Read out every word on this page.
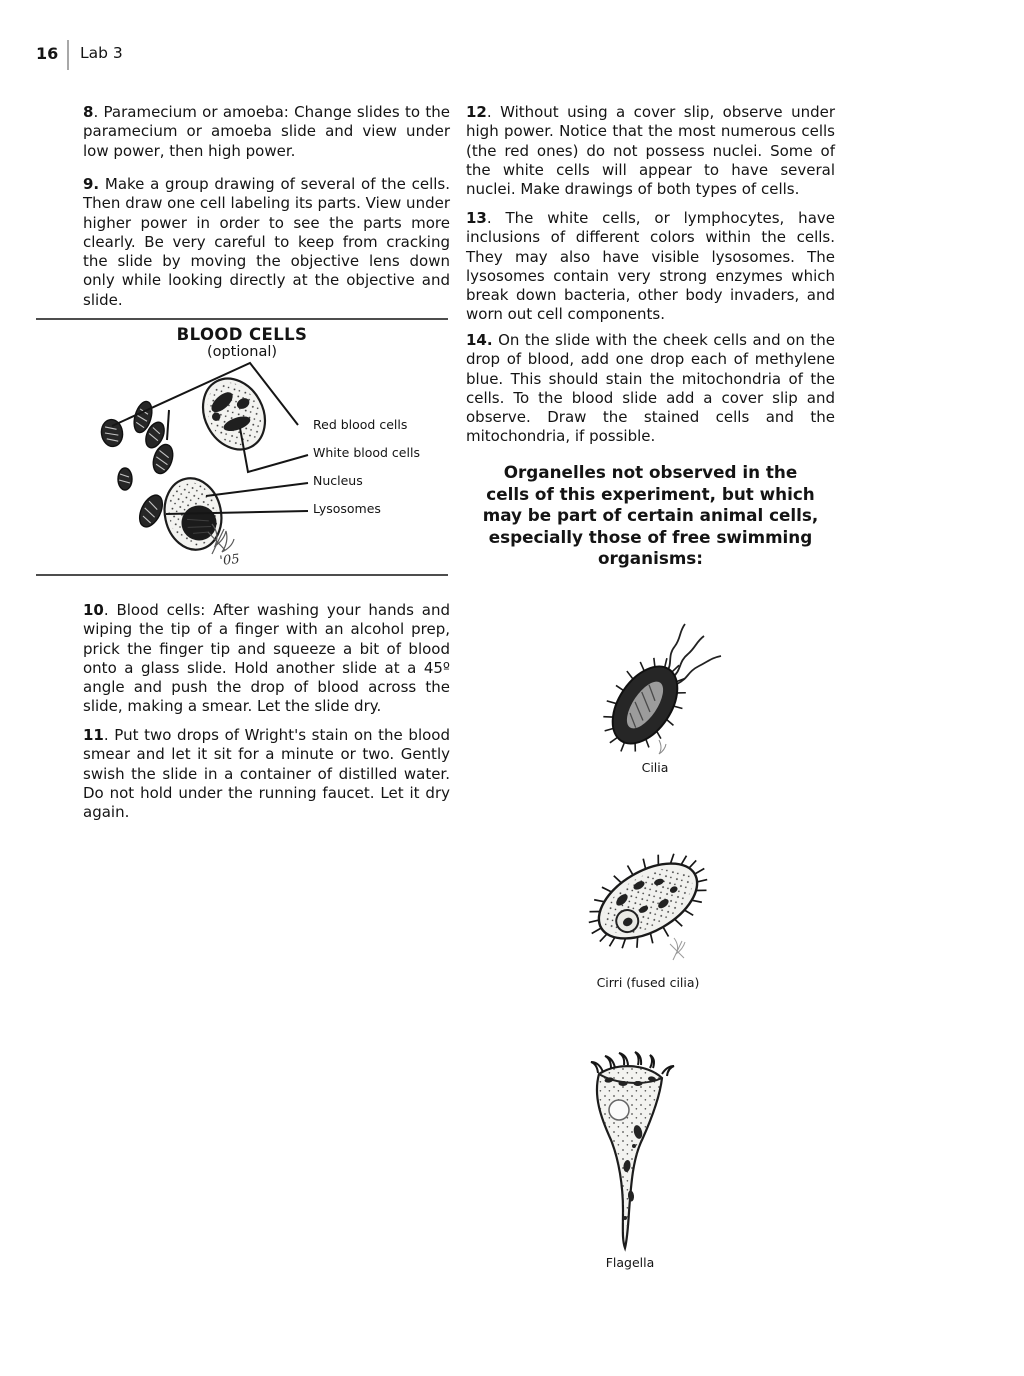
16 Lab 3
8. Paramecium or amoeba: Change slides to the paramecium or amoeba slide and view under low power, then high power.
9. Make a group drawing of several of the cells. Then draw one cell labeling its parts. View under higher power in order to see the parts more clearly. Be very careful to keep from cracking the slide by moving the objective lens down only while looking directly at the objective and slide.
BLOOD CELLS
(optional)
'05
Red blood cells
White blood cells
Nucleus
Lysosomes
10. Blood cells: After washing your hands and wiping the tip of a finger with an alcohol prep, prick the finger tip and squeeze a bit of blood onto a glass slide. Hold another slide at a 45º angle and push the drop of blood across the slide, making a smear. Let the slide dry.
11. Put two drops of Wright's stain on the blood smear and let it sit for a minute or two. Gently swish the slide in a container of distilled water. Do not hold under the running faucet. Let it dry again.
12. Without using a cover slip, observe under high power. Notice that the most numerous cells (the red ones) do not possess nuclei. Some of the white cells will appear to have several nuclei. Make drawings of both types of cells.
13. The white cells, or lymphocytes, have inclusions of different colors within the cells. They may also have visible lysosomes. The lysosomes contain very strong enzymes which break down bacteria, other body invaders, and worn out cell components.
14. On the slide with the cheek cells and on the drop of blood, add one drop each of methylene blue. This should stain the mitochondria of the cells. To the blood slide add a cover slip and observe. Draw the stained cells and the mitochondria, if possible.
Organelles not observed in the
cells of this experiment, but which
may be part of certain animal cells,
especially those of free swimming
organisms:
Cilia
Cirri (fused cilia)
Flagella
